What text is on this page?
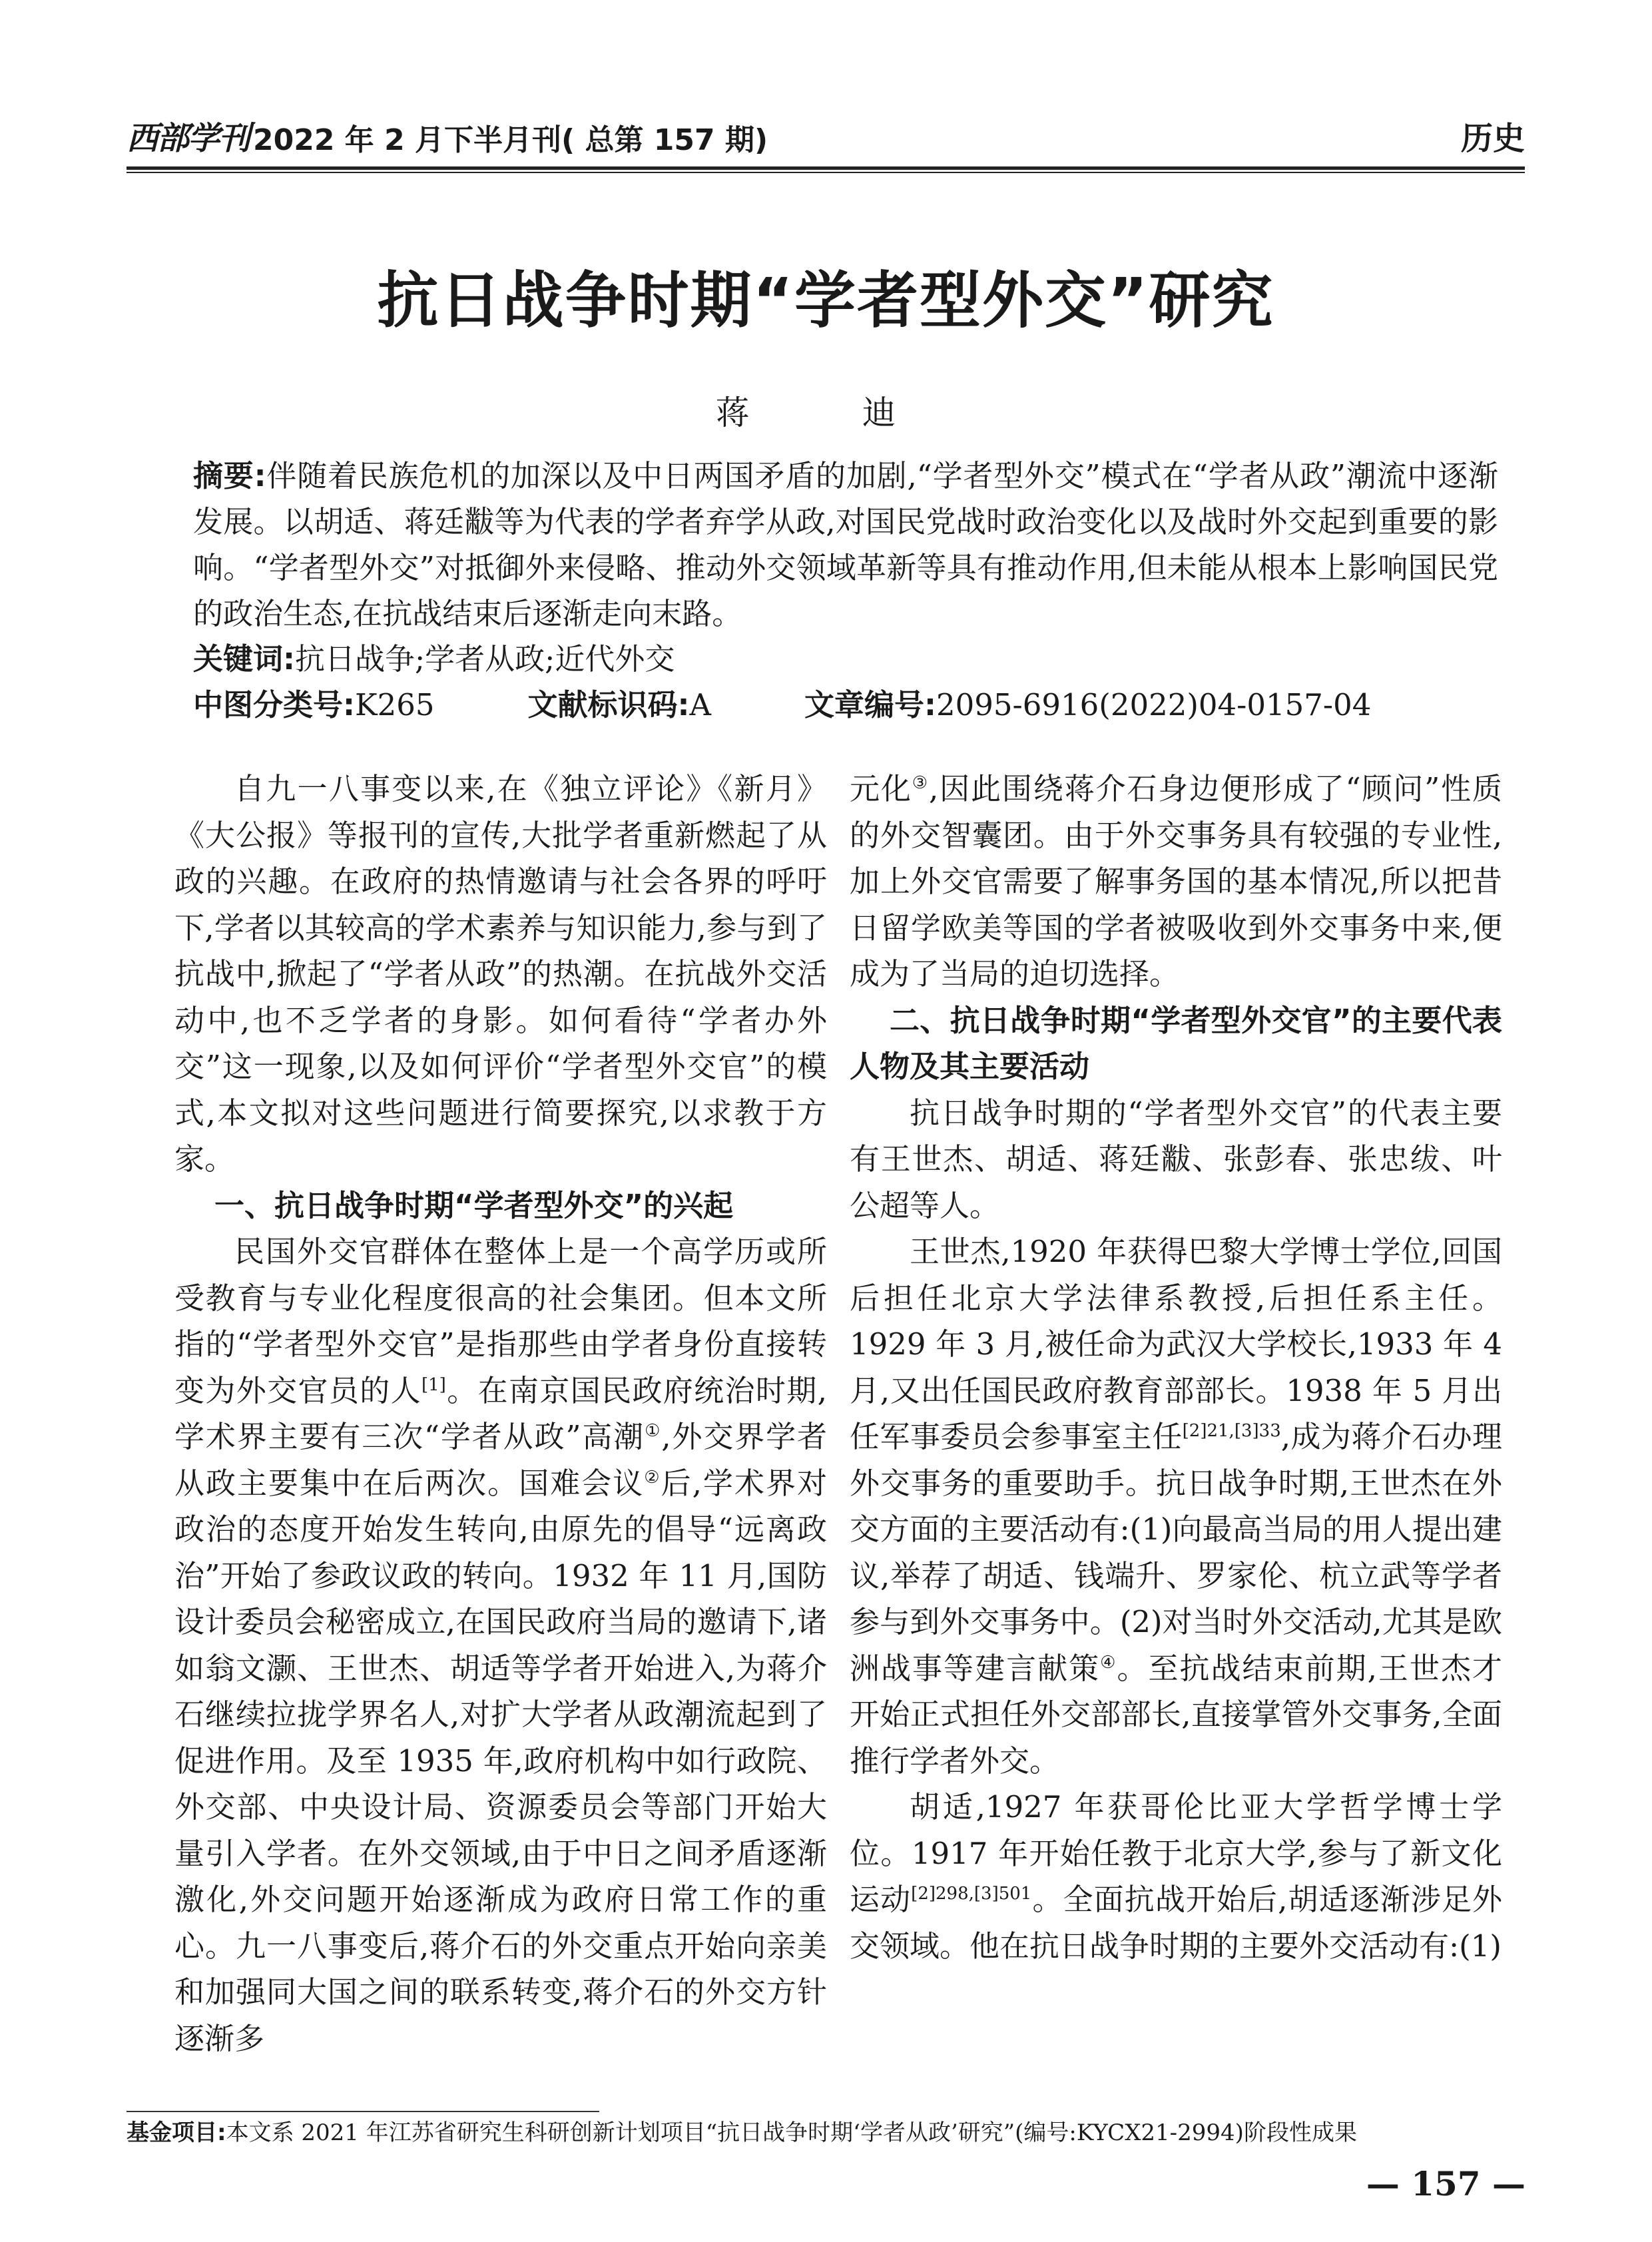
西部学刊 2022 年 2 月下半月刊( 总第 157 期)	历史
抗日战争时期“学者型外交”研究
蒋　迪
摘要:伴随着民族危机的加深以及中日两国矛盾的加剧,“学者型外交”模式在“学者从政”潮流中逐渐发展。以胡适、蒋廷黻等为代表的学者弃学从政,对国民党战时政治变化以及战时外交起到重要的影响。“学者型外交”对抵御外来侵略、推动外交领域革新等具有推动作用,但未能从根本上影响国民党的政治生态,在抗战结束后逐渐走向末路。
关键词:抗日战争;学者从政;近代外交
中图分类号:K265	文献标识码:A	文章编号:2095-6916(2022)04-0157-04

自九一八事变以来,在《独立评论》《新月》《大公报》等报刊的宣传,大批学者重新燃起了从政的兴趣。在政府的热情邀请与社会各界的呼吁下,学者以其较高的学术素养与知识能力,参与到了抗战中,掀起了“学者从政”的热潮。在抗战外交活动中,也不乏学者的身影。如何看待“学者办外交”这一现象,以及如何评价“学者型外交官”的模式,本文拟对这些问题进行简要探究,以求教于方家。

一、抗日战争时期“学者型外交”的兴起

民国外交官群体在整体上是一个高学历或所受教育与专业化程度很高的社会集团。但本文所指的“学者型外交官”是指那些由学者身份直接转变为外交官员的人[1]。在南京国民政府统治时期,学术界主要有三次“学者从政”高潮①,外交界学者从政主要集中在后两次。国难会议②后,学术界对政治的态度开始发生转向,由原先的倡导“远离政治”开始了参政议政的转向。1932 年 11 月,国防设计委员会秘密成立,在国民政府当局的邀请下,诸如翁文灏、王世杰、胡适等学者开始进入,为蒋介石继续拉拢学界名人,对扩大学者从政潮流起到了促进作用。及至 1935 年,政府机构中如行政院、外交部、中央设计局、资源委员会等部门开始大量引入学者。在外交领域,由于中日之间矛盾逐渐激化,外交问题开始逐渐成为政府日常工作的重心。九一八事变后,蒋介石的外交重点开始向亲美和加强同大国之间的联系转变,蒋介石的外交方针逐渐多

元化③,因此围绕蒋介石身边便形成了“顾问”性质的外交智囊团。由于外交事务具有较强的专业性,加上外交官需要了解事务国的基本情况,所以把昔日留学欧美等国的学者被吸收到外交事务中来,便成为了当局的迫切选择。

二、抗日战争时期“学者型外交官”的主要代表人物及其主要活动

抗日战争时期的“学者型外交官”的代表主要有王世杰、胡适、蒋廷黻、张彭春、张忠绂、叶公超等人。

王世杰,1920 年获得巴黎大学博士学位,回国后担任北京大学法律系教授,后担任系主任。1929 年 3 月,被任命为武汉大学校长,1933 年 4 月,又出任国民政府教育部部长。1938 年 5 月出任军事委员会参事室主任$^{[2]21,[3]33}$,成为蒋介石办理外交事务的重要助手。抗日战争时期,王世杰在外交方面的主要活动有:(1)向最高当局的用人提出建议,举荐了胡适、钱端升、罗家伦、杭立武等学者参与到外交事务中。(2)对当时外交活动,尤其是欧洲战事等建言献策④。至抗战结束前期,王世杰才开始正式担任外交部部长,直接掌管外交事务,全面推行学者外交。

胡适,1927 年获哥伦比亚大学哲学博士学位。1917 年开始任教于北京大学,参与了新文化运动$^{[2]298,[3]501}$。全面抗战开始后,胡适逐渐涉足外交领域。他在抗日战争时期的主要外交活动有:(1)

基金项目:本文系 2021 年江苏省研究生科研创新计划项目“抗日战争时期‘学者从政’研究”(编号:KYCX21-2994)阶段性成果
— 157 —
